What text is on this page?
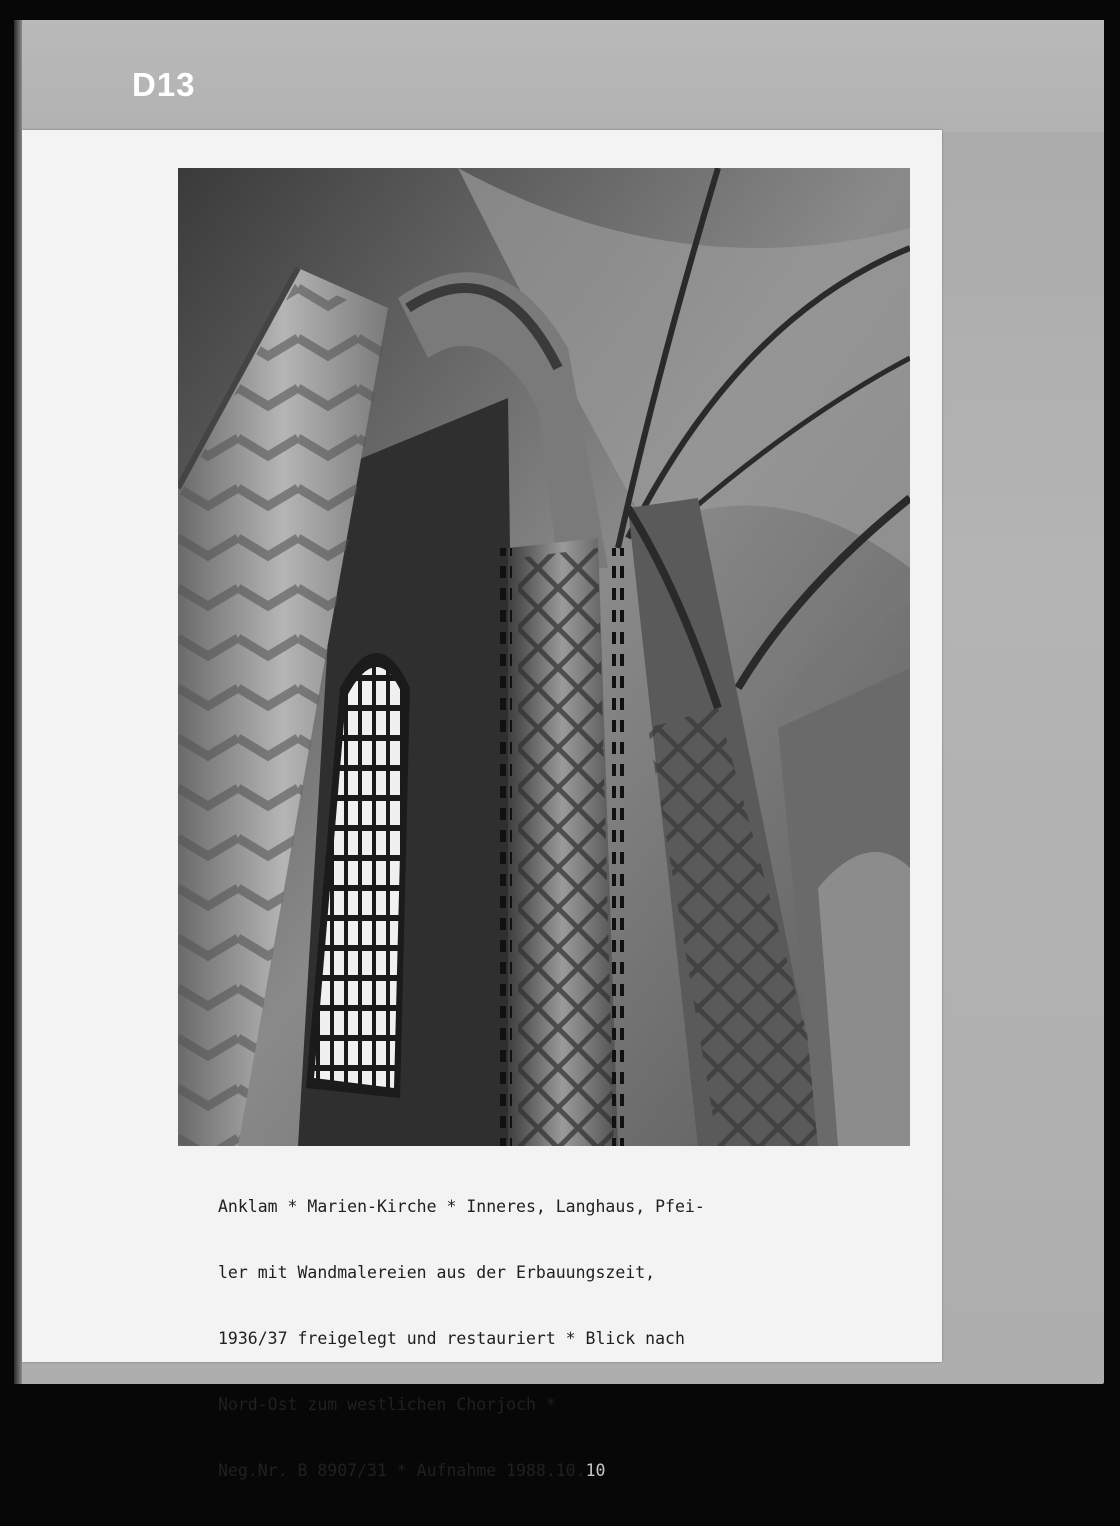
D13

Anklam * Marien-Kirche * Inneres, Langhaus, Pfei-

ler mit Wandmalereien aus der Erbauungszeit,

1936/37 freigelegt und restauriert * Blick nach

Nord-Ost zum westlichen Chorjoch *

Neg.Nr. B 8907/31 * Aufnahme 1988.10.10
